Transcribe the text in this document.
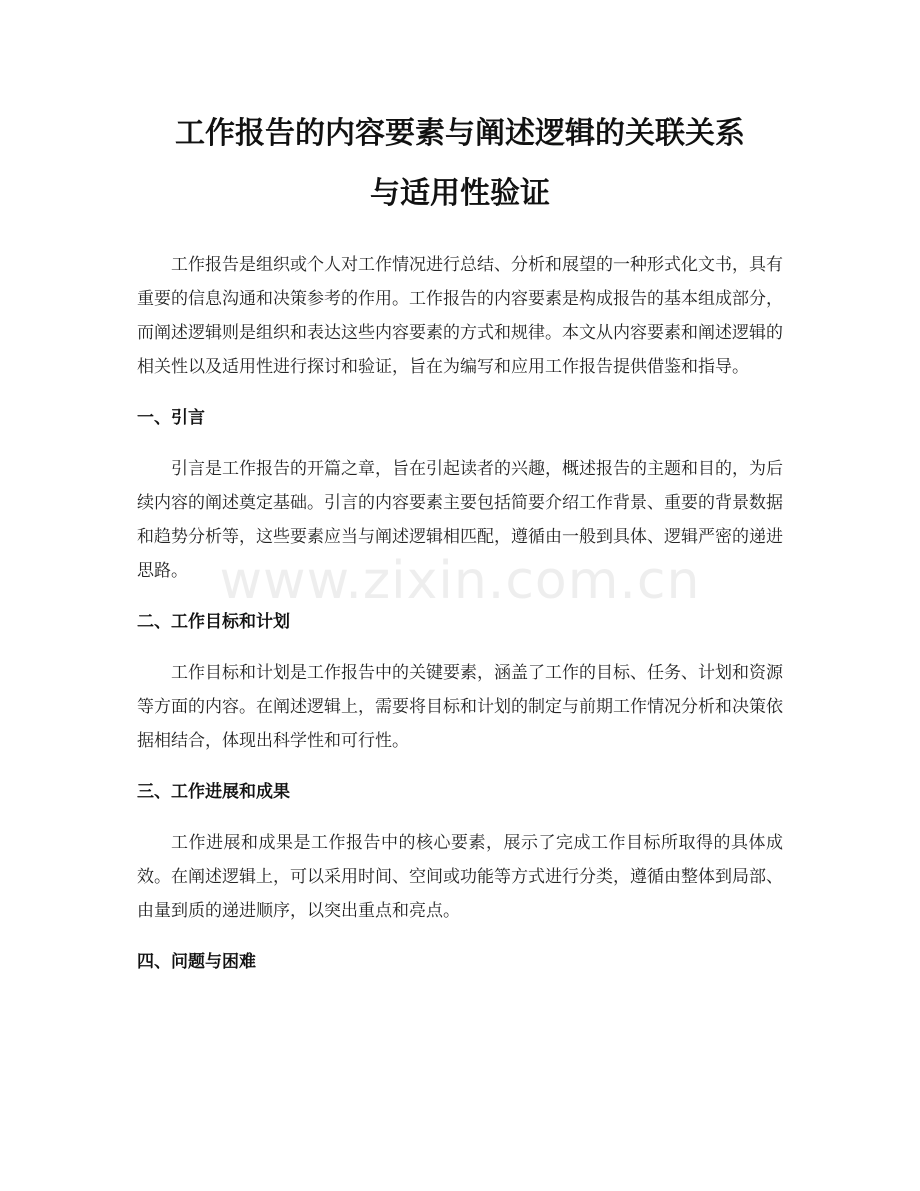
工作报告的内容要素与阐述逻辑的关联关系
与适用性验证

工作报告是组织或个人对工作情况进行总结、分析和展望的一种形式化文书，具有重要的信息沟通和决策参考的作用。工作报告的内容要素是构成报告的基本组成部分，而阐述逻辑则是组织和表达这些内容要素的方式和规律。本文从内容要素和阐述逻辑的相关性以及适用性进行探讨和验证，旨在为编写和应用工作报告提供借鉴和指导。

一、引言

引言是工作报告的开篇之章，旨在引起读者的兴趣，概述报告的主题和目的，为后续内容的阐述奠定基础。引言的内容要素主要包括简要介绍工作背景、重要的背景数据和趋势分析等，这些要素应当与阐述逻辑相匹配，遵循由一般到具体、逻辑严密的递进思路。

二、工作目标和计划

工作目标和计划是工作报告中的关键要素，涵盖了工作的目标、任务、计划和资源等方面的内容。在阐述逻辑上，需要将目标和计划的制定与前期工作情况分析和决策依据相结合，体现出科学性和可行性。

三、工作进展和成果

工作进展和成果是工作报告中的核心要素，展示了完成工作目标所取得的具体成效。在阐述逻辑上，可以采用时间、空间或功能等方式进行分类，遵循由整体到局部、由量到质的递进顺序，以突出重点和亮点。

四、问题与困难
www.zixin.com.cn
